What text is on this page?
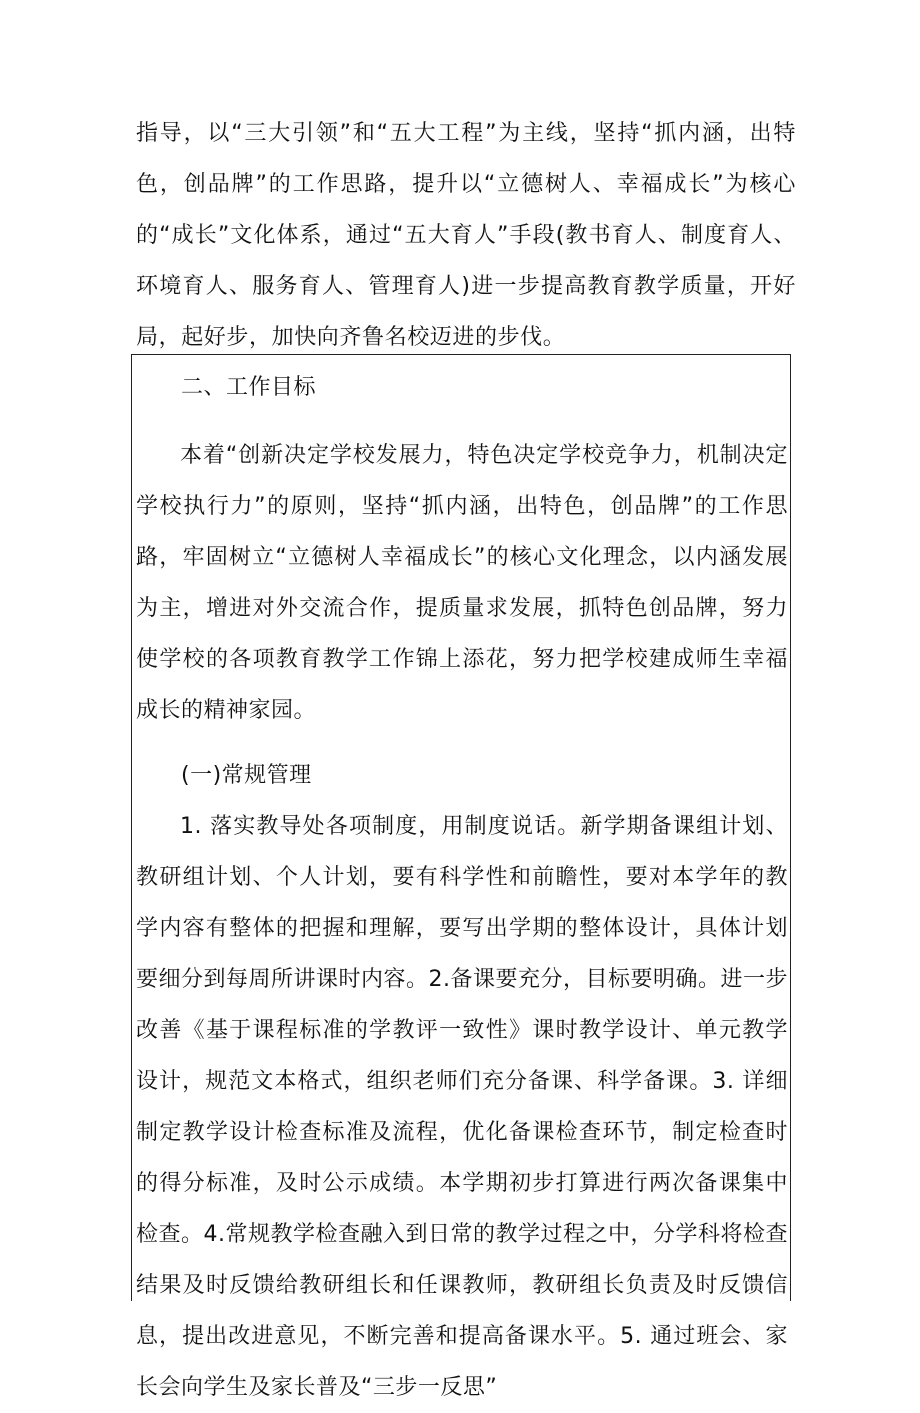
指导，以“三大引领”和“五大工程”为主线，坚持“抓内涵，出特色，创品牌”的工作思路，提升以“立德树人、幸福成长”为核心的“成长”文化体系，通过“五大育人”手段(教书育人、制度育人、环境育人、服务育人、管理育人)进一步提高教育教学质量，开好局，起好步，加快向齐鲁名校迈进的步伐。

二、工作目标

本着“创新决定学校发展力，特色决定学校竞争力，机制决定学校执行力”的原则，坚持“抓内涵，出特色，创品牌”的工作思路，牢固树立“立德树人幸福成长”的核心文化理念，以内涵发展为主，增进对外交流合作，提质量求发展，抓特色创品牌，努力使学校的各项教育教学工作锦上添花，努力把学校建成师生幸福成长的精神家园。

(一)常规管理

1. 落实教导处各项制度，用制度说话。新学期备课组计划、教研组计划、个人计划，要有科学性和前瞻性，要对本学年的教学内容有整体的把握和理解，要写出学期的整体设计，具体计划要细分到每周所讲课时内容。2.备课要充分，目标要明确。进一步改善《基于课程标准的学教评一致性》课时教学设计、单元教学设计，规范文本格式，组织老师们充分备课、科学备课。3. 详细制定教学设计检查标准及流程，优化备课检查环节，制定检查时的得分标准，及时公示成绩。本学期初步打算进行两次备课集中检查。4.常规教学检查融入到日常的教学过程之中，分学科将检查结果及时反馈给教研组长和任课教师，教研组长负责及时反馈信息，提出改进意见，不断完善和提高备课水平。5. 通过班会、家长会向学生及家长普及“三步一反思”
